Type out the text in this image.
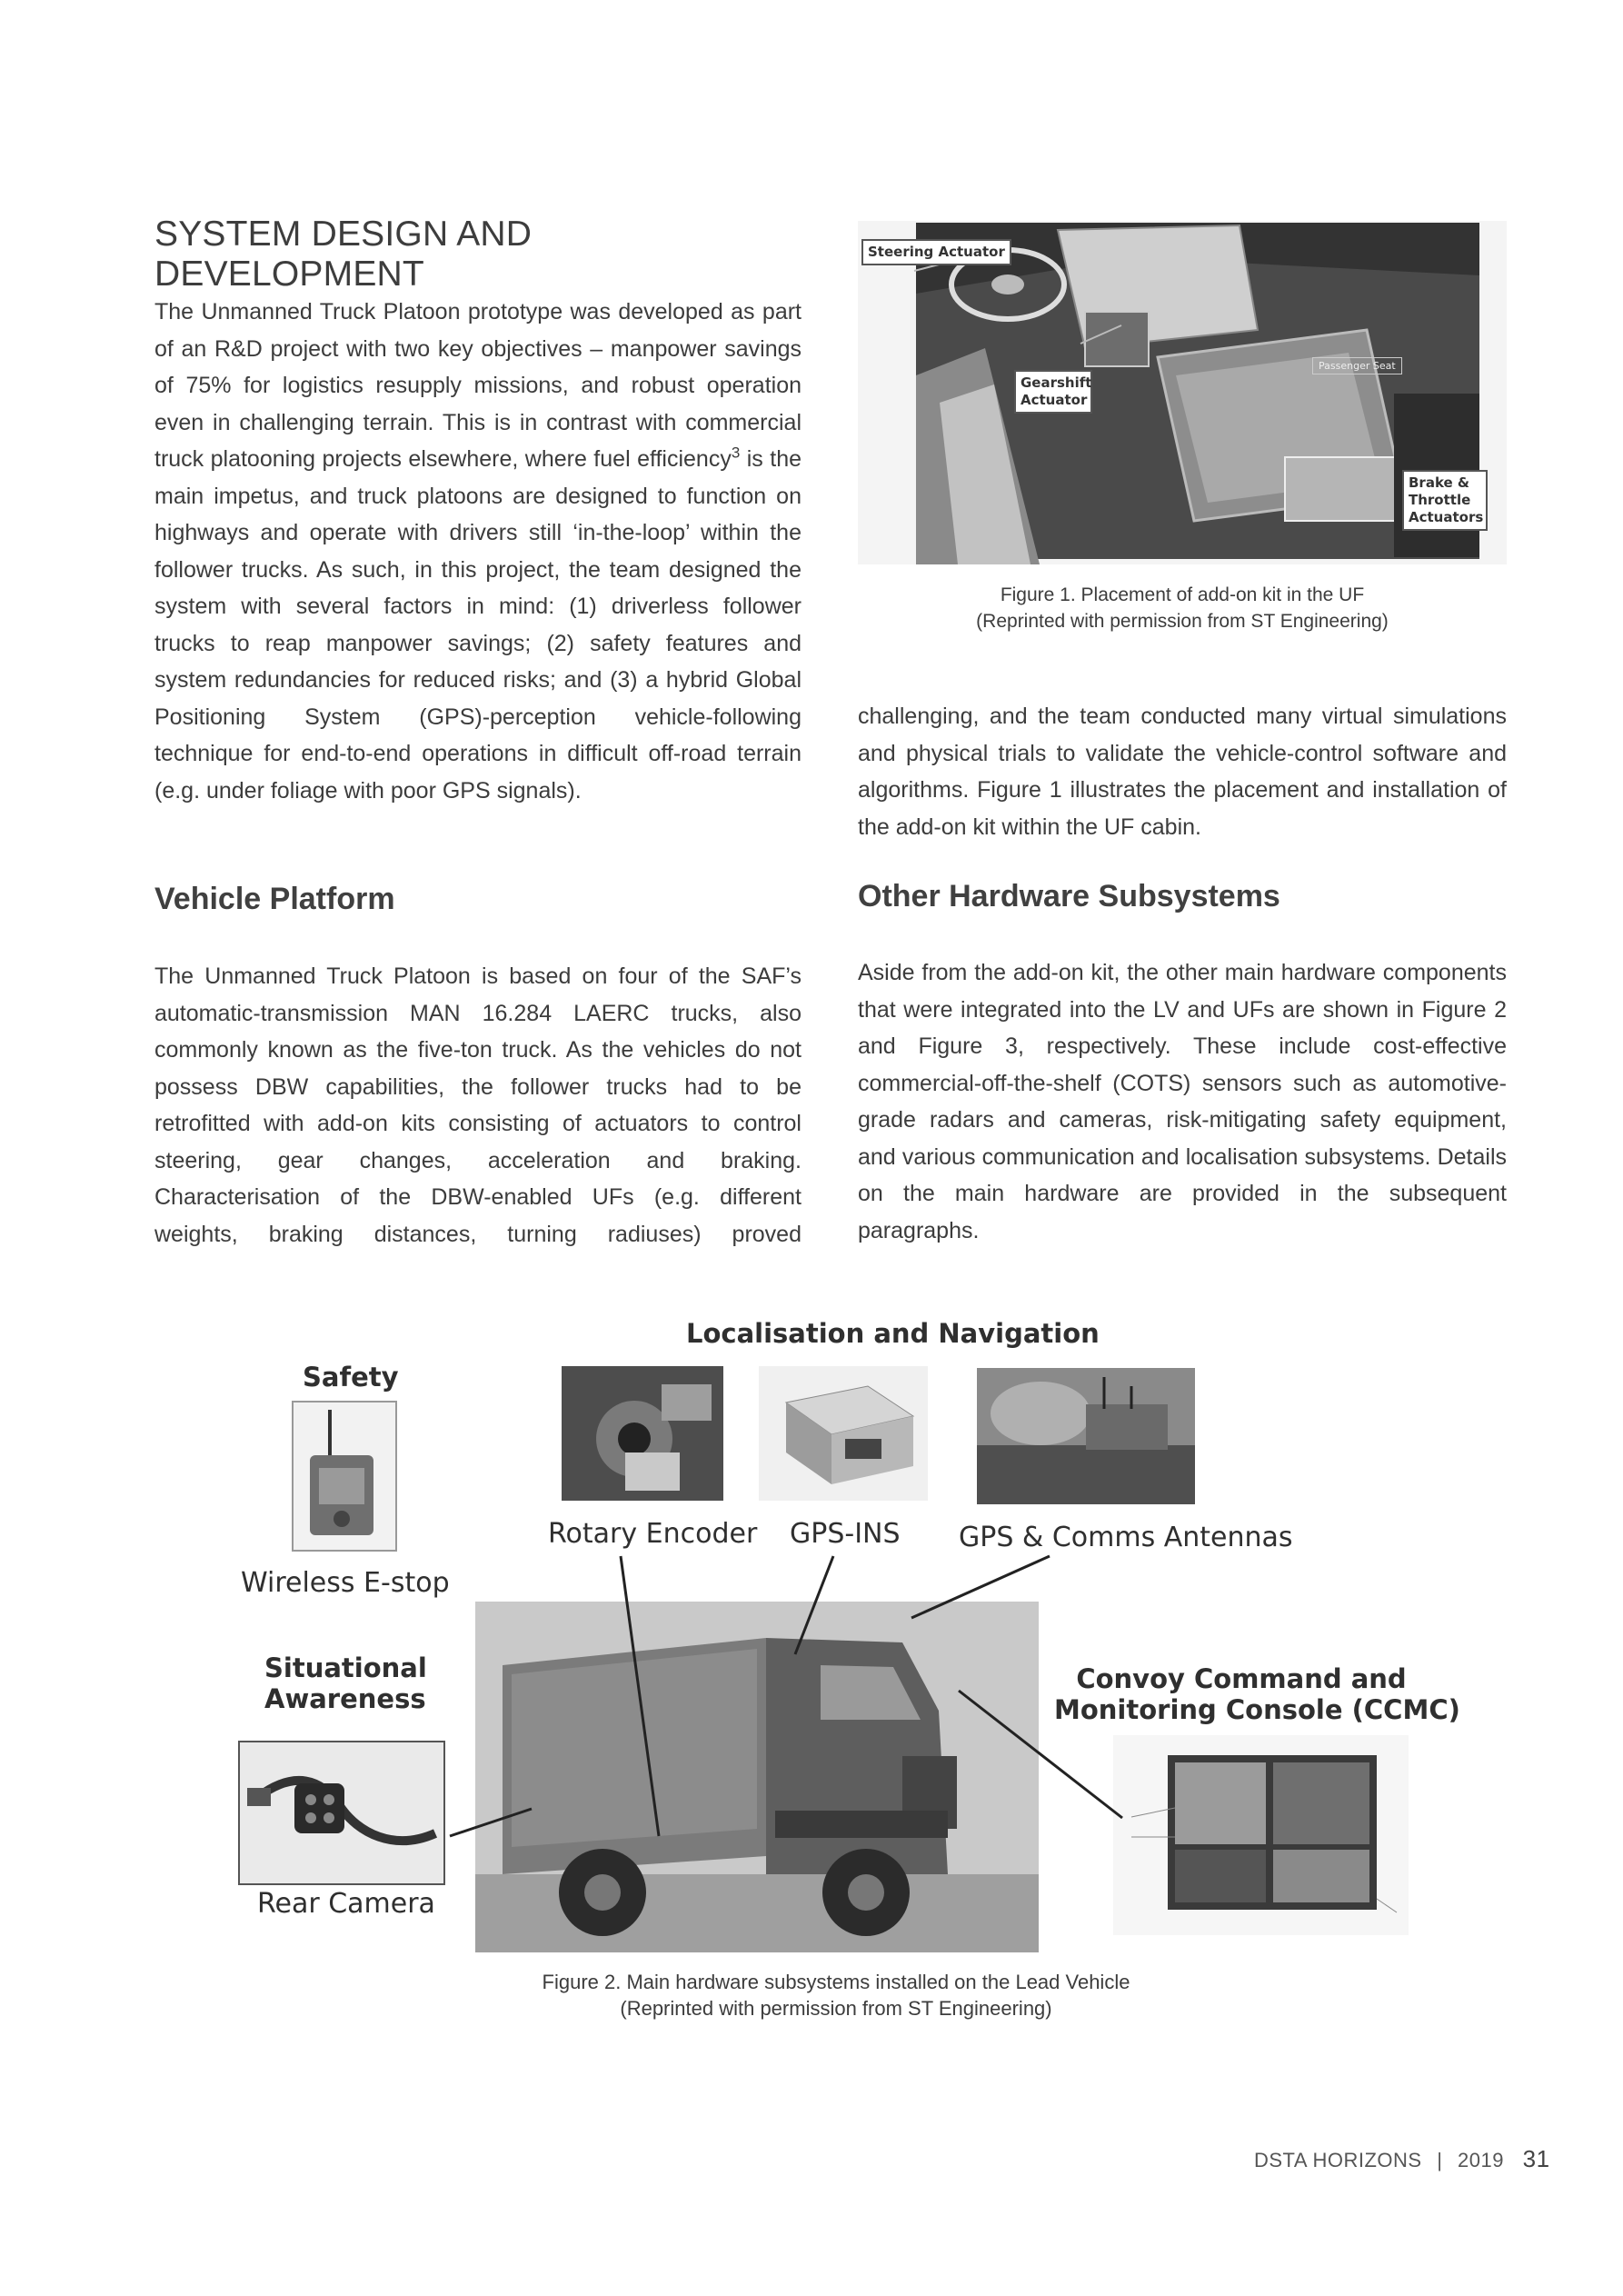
SYSTEM DESIGN AND DEVELOPMENT

The Unmanned Truck Platoon prototype was developed as part of an R&D project with two key objectives – manpower savings of 75% for logistics resupply missions, and robust operation even in challenging terrain. This is in contrast with commercial truck platooning projects elsewhere, where fuel efficiency$^3$ is the main impetus, and truck platoons are designed to function on highways and operate with drivers still ‘in-the-loop’ within the follower trucks. As such, in this project, the team designed the system with several factors in mind: (1) driverless follower trucks to reap manpower savings; (2) safety features and system redundancies for reduced risks; and (3) a hybrid Global Positioning System (GPS)-perception vehicle-following technique for end-to-end operations in difficult off-road terrain (e.g. under foliage with poor GPS signals).

Vehicle Platform

The Unmanned Truck Platoon is based on four of the SAF’s automatic-transmission MAN 16.284 LAERC trucks, also commonly known as the five-ton truck. As the vehicles do not possess DBW capabilities, the follower trucks had to be retrofitted with add-on kits consisting of actuators to control steering, gear changes, acceleration and braking. Characterisation of the DBW-enabled UFs (e.g. different weights, braking distances, turning radiuses) proved

Steering Actuator
Gearshift Actuator
Brake & Throttle Actuators
Passenger Seat
Figure 1. Placement of add-on kit in the UF
(Reprinted with permission from ST Engineering)

challenging, and the team conducted many virtual simulations and physical trials to validate the vehicle-control software and algorithms. Figure 1 illustrates the placement and installation of the add-on kit within the UF cabin.

Other Hardware Subsystems

Aside from the add-on kit, the other main hardware components that were integrated into the LV and UFs are shown in Figure 2 and Figure 3, respectively. These include cost-effective commercial-off-the-shelf (COTS) sensors such as automotive-grade radars and cameras, risk-mitigating safety equipment, and various communication and localisation subsystems. Details on the main hardware are provided in the subsequent paragraphs.

Localisation and Navigation
Safety
Wireless E-stop
Rotary Encoder GPS-INS GPS & Comms Antennas
Situational
Awareness
Rear Camera
Convoy Command and
Monitoring Console (CCMC)
Figure 2. Main hardware subsystems installed on the Lead Vehicle
(Reprinted with permission from ST Engineering)
DSTA HORIZONS | 2019 31
